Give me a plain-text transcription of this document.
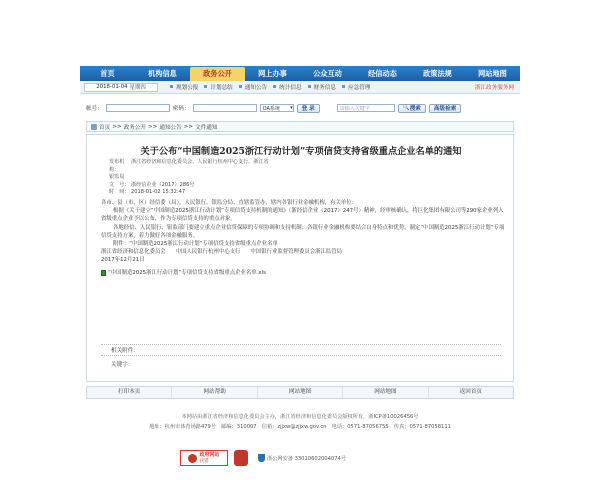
首页	机构信息	政务公开	网上办事	公众互动	经信动态	政策法规	网站地图
2018-01-04 星期四	规划公报	计划总结	通知公告	统计信息	财务信息	应急管理	浙江政务服务网
帐号：	密码：	OA系统 ▾	登 录	请输入关键字	🔍 搜索	高级检索
首页 >> 政务公开 >> 通知公告 >> 文件通知
关于公布“中国制造2025浙江行动计划”专项信贷支持省级重点企业名单的通知
发布机构：
浙江省经济和信息化委员会、人民银行杭州中心支行、浙江省
银监局
文　号： 浙经信企业（2017）286号
时　间： 2018-01-02 15:32:47

各市、县（市、区）经信委（局），人民银行，银监分局、直辖监管办，辖内各银行业金融机构，有关单位：

根据《关于建立“中国制造2025浙江行动计划”专项信贷支持机制的通知》（浙经信企业（2017）247号）精神，经审核确认，将巨化集团有限公司等290家企业列入省级重点企业予以公布，作为专项信贷支持的重点对象。

各地经信、人民银行、银监部门要建立重点企业信贷保障的专项协调和支持机制；各银行业金融机构要结合自身特点和优势，制定“中国制造2025浙江行动计划”专项信贷支持方案，着力做好各项金融服务。

附件：“中国制造2025浙江行动计划”专项信贷支持省级重点企业名单

浙江省经济和信息化委员会 中国人民银行杭州中心支行 中国银行业监督管理委员会浙江监管局

2017年12月21日

“中国制造2025浙江行动计划”专项信贷支持省级重点企业名单.xls
相关附件：
关键字：
打印本页	网站帮助	网站地图	网站地图	返回首页
本网站由浙江省经济和信息化委员会主办，浙江省经济和信息化委员会版权所有，浙ICP备10026456号
地址：杭州市体育场路479号　邮编：310007　信箱：zjjxw@zjjxw.gov.cn　电话：0571-87056755　传真：0571-87058111
政府网站
找错	浙公网安备 33010602004074号
